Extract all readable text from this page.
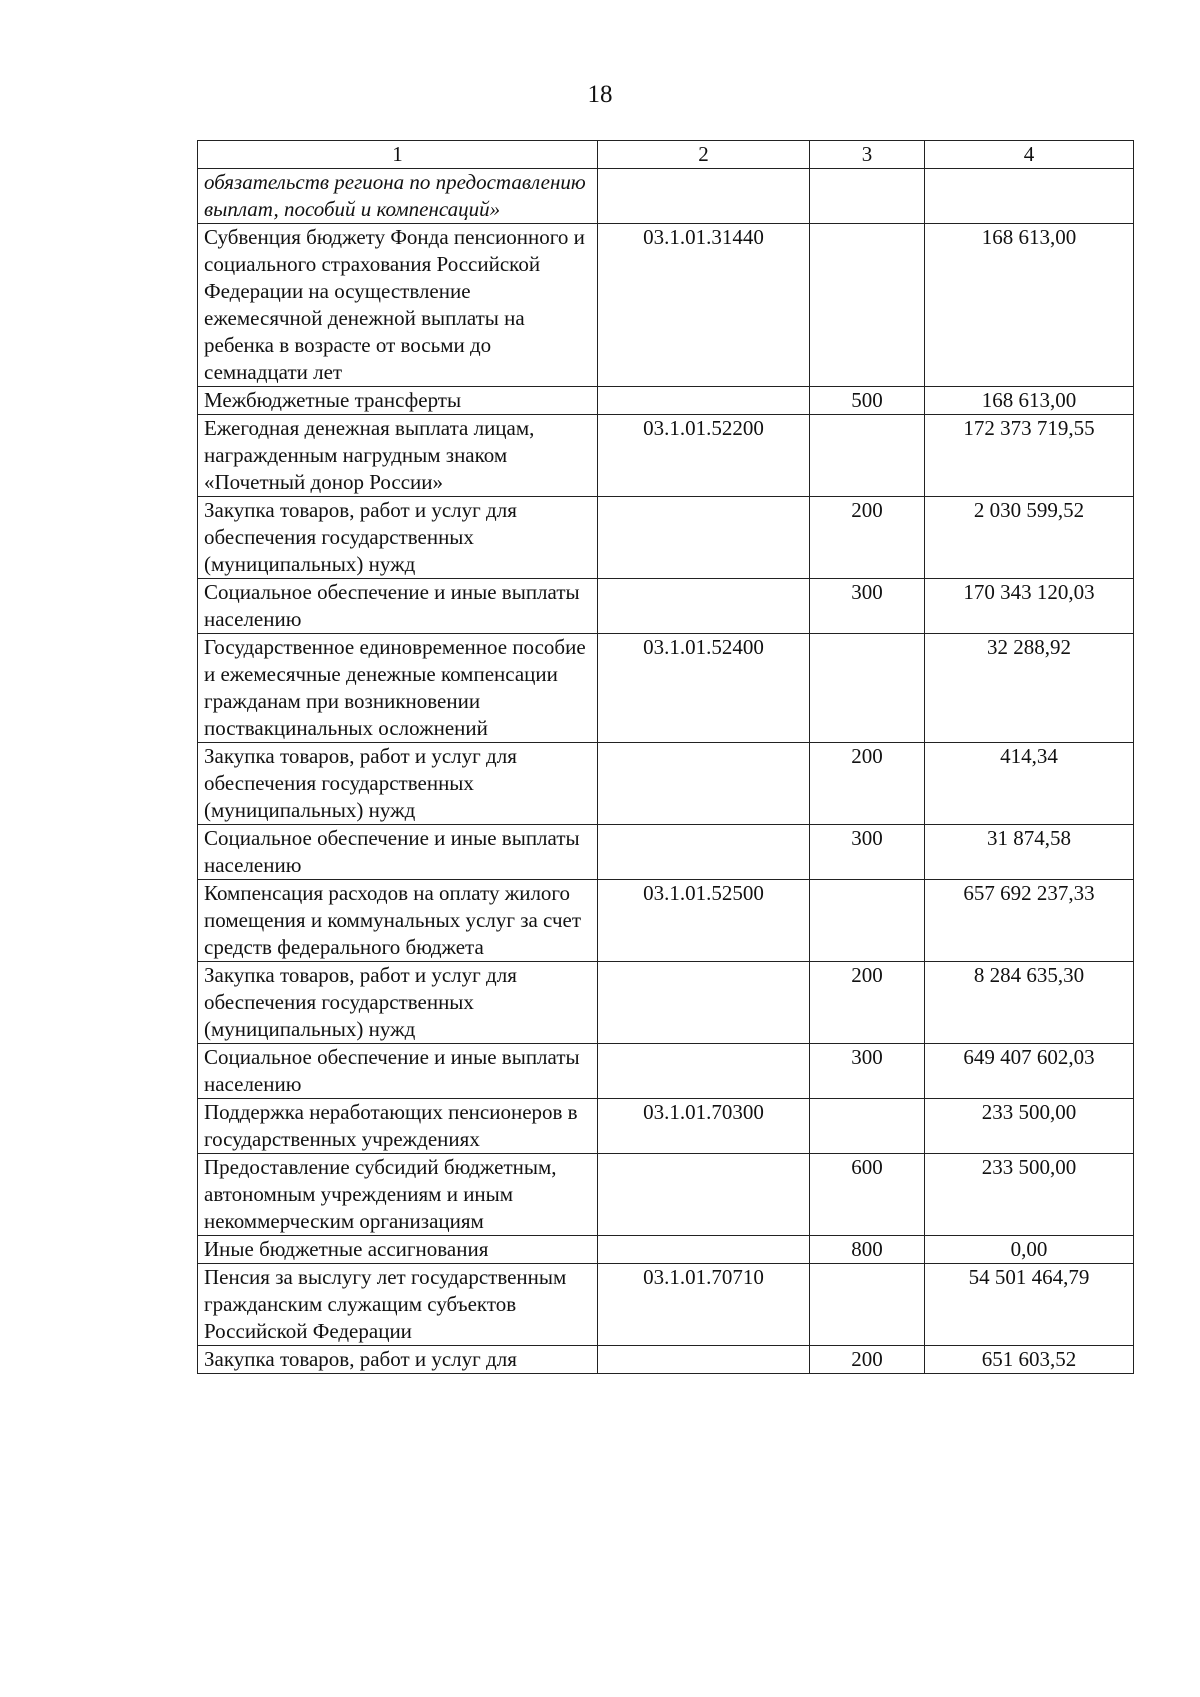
18
1	2	3	4
обязательств региона по предоставлению выплат, пособий и компенсаций»			
Субвенция бюджету Фонда пенсионного и социального страхования Российской Федерации на осуществление ежемесячной денежной выплаты на ребенка в возрасте от восьми до семнадцати лет	03.1.01.31440		168 613,00
Межбюджетные трансферты		500	168 613,00
Ежегодная денежная выплата лицам, награжденным нагрудным знаком «Почетный донор России»	03.1.01.52200		172 373 719,55
Закупка товаров, работ и услуг для обеспечения государственных (муниципальных) нужд		200	2 030 599,52
Социальное обеспечение и иные выплаты населению		300	170 343 120,03
Государственное единовременное пособие и ежемесячные денежные компенсации гражданам при возникновении поствакцинальных осложнений	03.1.01.52400		32 288,92
Закупка товаров, работ и услуг для обеспечения государственных (муниципальных) нужд		200	414,34
Социальное обеспечение и иные выплаты населению		300	31 874,58
Компенсация расходов на оплату жилого помещения и коммунальных услуг за счет средств федерального бюджета	03.1.01.52500		657 692 237,33
Закупка товаров, работ и услуг для обеспечения государственных (муниципальных) нужд		200	8 284 635,30
Социальное обеспечение и иные выплаты населению		300	649 407 602,03
Поддержка неработающих пенсионеров в государственных учреждениях	03.1.01.70300		233 500,00
Предоставление субсидий бюджетным, автономным учреждениям и иным некоммерческим организациям		600	233 500,00
Иные бюджетные ассигнования		800	0,00
Пенсия за выслугу лет государственным гражданским служащим субъектов Российской Федерации	03.1.01.70710		54 501 464,79
Закупка товаров, работ и услуг для		200	651 603,52
